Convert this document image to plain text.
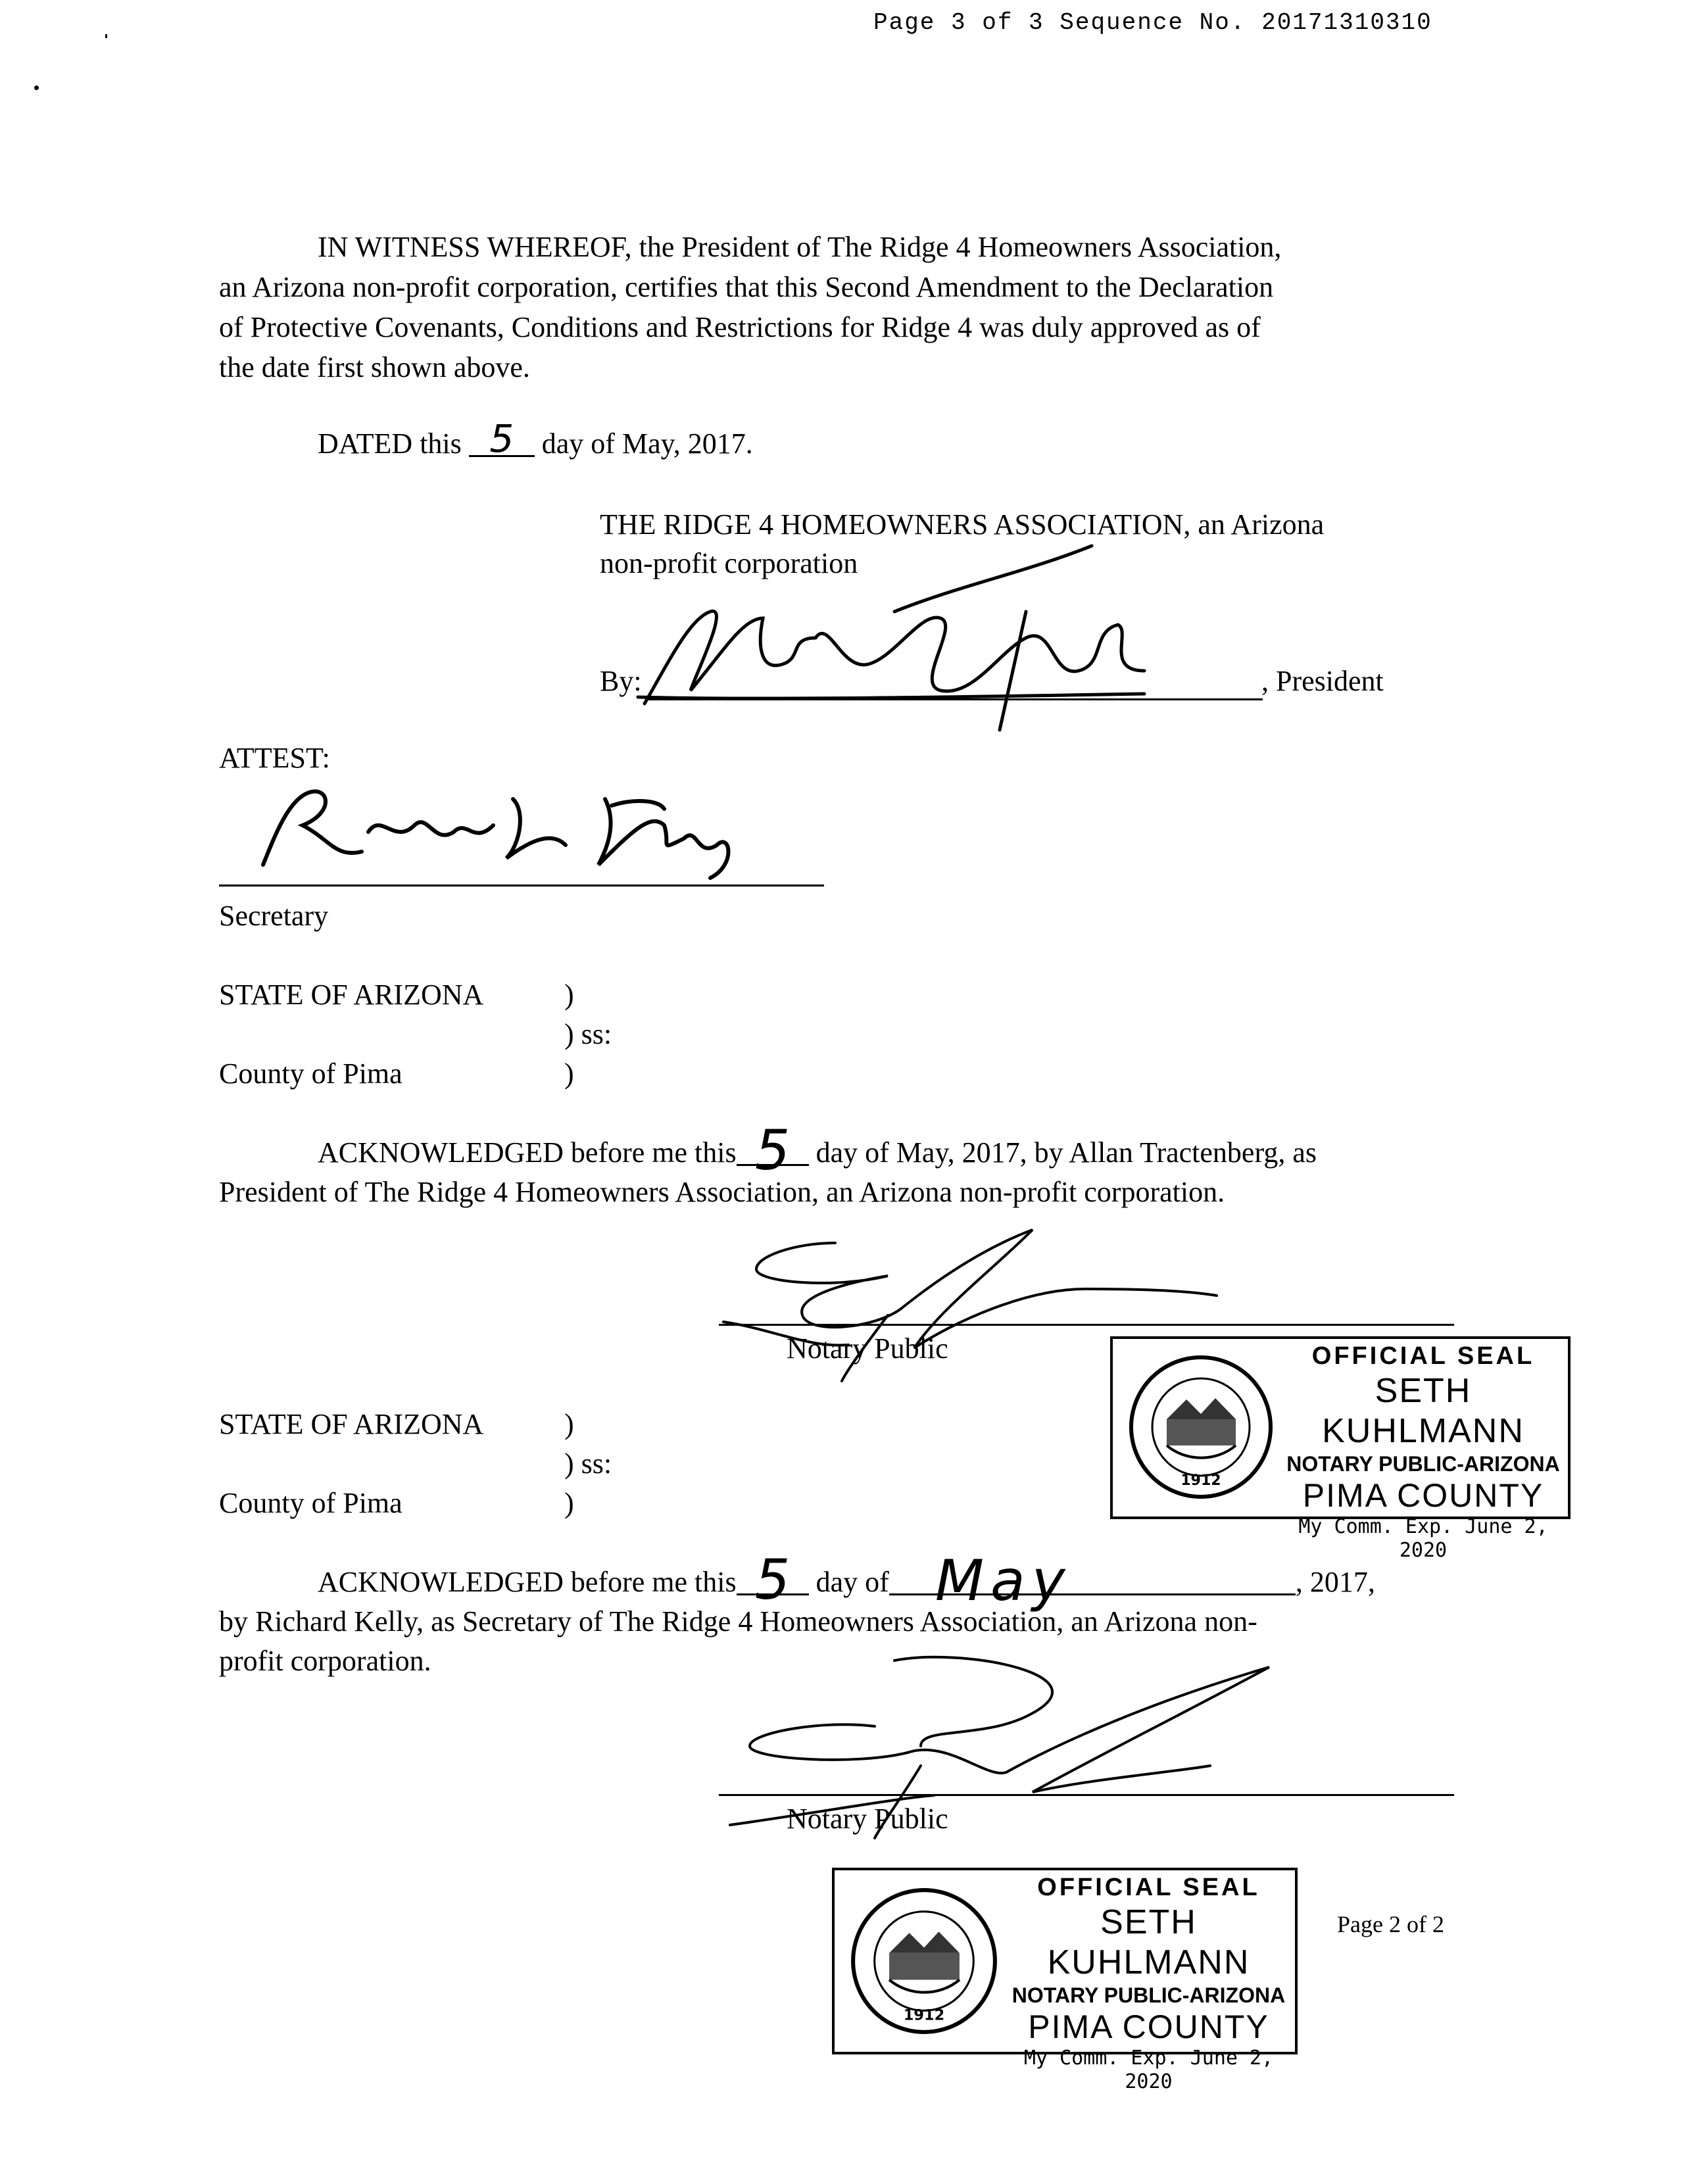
Page 3 of 3 Sequence No. 20171310310
IN WITNESS WHEREOF, the President of The Ridge 4 Homeowners Association,
an Arizona non-profit corporation, certifies that this Second Amendment to the Declaration
of Protective Covenants, Conditions and Restrictions for Ridge 4 was duly approved as of
the date first shown above.
DATED this 5 day of May, 2017.
THE RIDGE 4 HOMEOWNERS ASSOCIATION, an Arizona
non-profit corporation
By:	, President
ATTEST:
Secretary
STATE OF ARIZONA	)
) ss:
County of Pima	)
ACKNOWLEDGED before me this 5 day of May, 2017, by Allan Tractenberg, as
President of The Ridge 4 Homeowners Association, an Arizona non-profit corporation.
Notary Public
1912
OFFICIAL SEAL
SETH KUHLMANN
NOTARY PUBLIC-ARIZONA
PIMA COUNTY
My Comm. Exp. June 2, 2020
STATE OF ARIZONA	)
) ss:
County of Pima	)
ACKNOWLEDGED before me this 5 day of May	, 2017,
by Richard Kelly, as Secretary of The Ridge 4 Homeowners Association, an Arizona non-
profit corporation.
Notary Public
1912
OFFICIAL SEAL
SETH KUHLMANN
NOTARY PUBLIC-ARIZONA
PIMA COUNTY
My Comm. Exp. June 2, 2020
Page 2 of 2
